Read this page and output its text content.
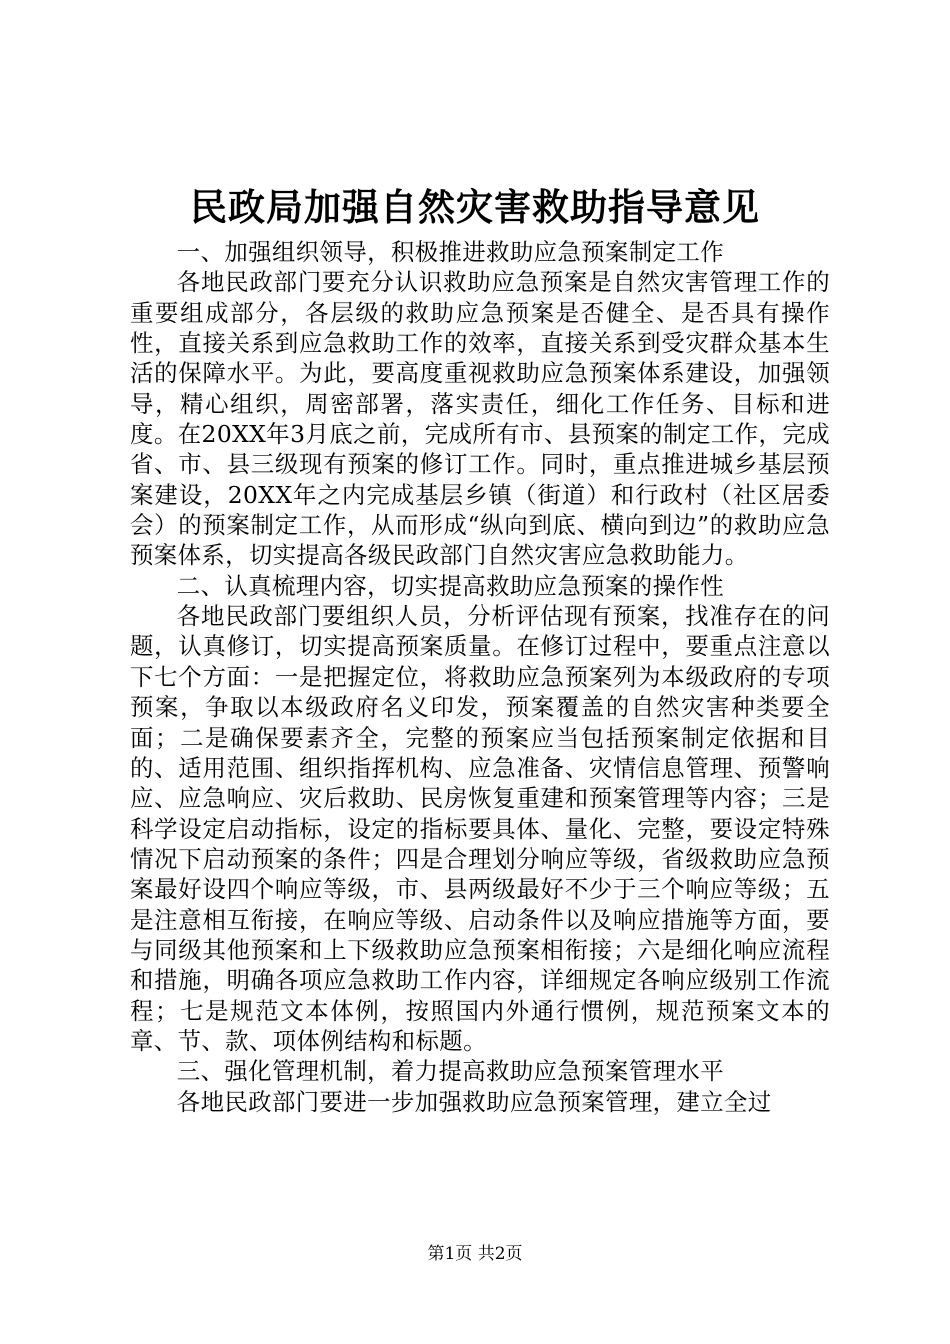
民政局加强自然灾害救助指导意见

一、加强组织领导，积极推进救助应急预案制定工作

各地民政部门要充分认识救助应急预案是自然灾害管理工作的重要组成部分，各层级的救助应急预案是否健全、是否具有操作性，直接关系到应急救助工作的效率，直接关系到受灾群众基本生活的保障水平。为此，要高度重视救助应急预案体系建设，加强领导，精心组织，周密部署，落实责任，细化工作任务、目标和进度。在20XX年3月底之前，完成所有市、县预案的制定工作，完成省、市、县三级现有预案的修订工作。同时，重点推进城乡基层预案建设，20XX年之内完成基层乡镇（街道）和行政村（社区居委会）的预案制定工作，从而形成“纵向到底、横向到边”的救助应急预案体系，切实提高各级民政部门自然灾害应急救助能力。

二、认真梳理内容，切实提高救助应急预案的操作性

各地民政部门要组织人员，分析评估现有预案，找准存在的问题，认真修订，切实提高预案质量。在修订过程中，要重点注意以下七个方面：一是把握定位，将救助应急预案列为本级政府的专项预案，争取以本级政府名义印发，预案覆盖的自然灾害种类要全面；二是确保要素齐全，完整的预案应当包括预案制定依据和目的、适用范围、组织指挥机构、应急准备、灾情信息管理、预警响应、应急响应、灾后救助、民房恢复重建和预案管理等内容；三是科学设定启动指标，设定的指标要具体、量化、完整，要设定特殊情况下启动预案的条件；四是合理划分响应等级，省级救助应急预案最好设四个响应等级，市、县两级最好不少于三个响应等级；五是注意相互衔接，在响应等级、启动条件以及响应措施等方面，要与同级其他预案和上下级救助应急预案相衔接；六是细化响应流程和措施，明确各项应急救助工作内容，详细规定各响应级别工作流程；七是规范文本体例，按照国内外通行惯例，规范预案文本的章、节、款、项体例结构和标题。

三、强化管理机制，着力提高救助应急预案管理水平

各地民政部门要进一步加强救助应急预案管理，建立全过

第1页 共2页
